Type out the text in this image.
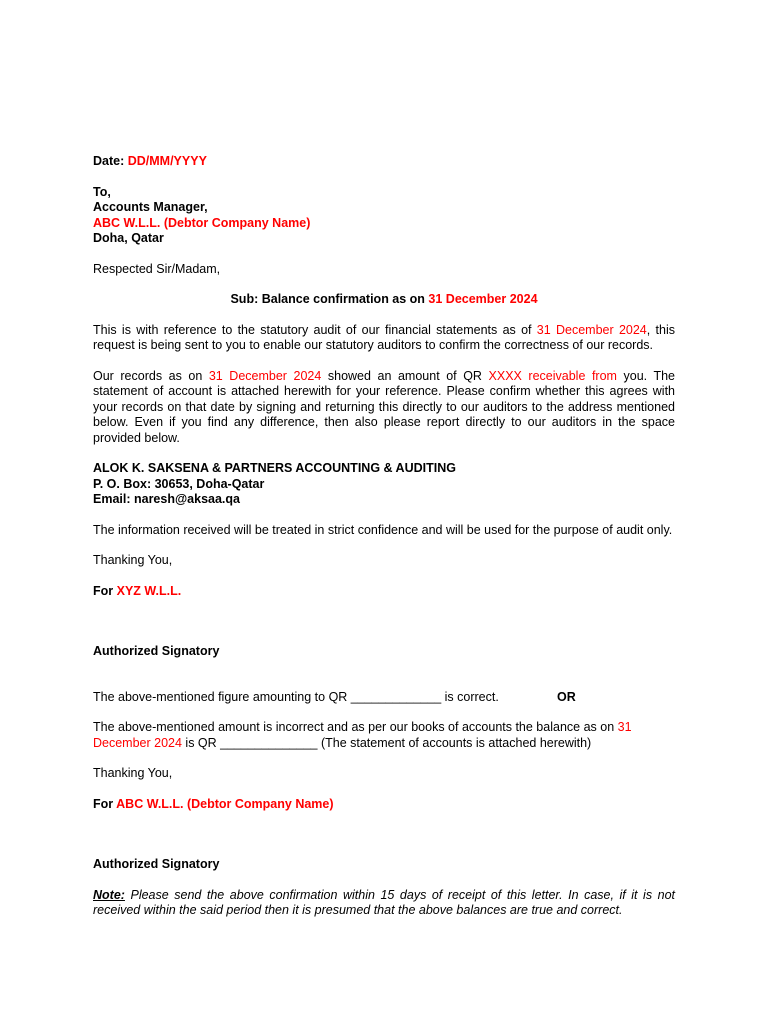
Date: DD/MM/YYYY
To,
Accounts Manager,
ABC W.L.L. (Debtor Company Name)
Doha, Qatar
Respected Sir/Madam,
Sub: Balance confirmation as on 31 December 2024
This is with reference to the statutory audit of our financial statements as of 31 December 2024, this request is being sent to you to enable our statutory auditors to confirm the correctness of our records.
Our records as on 31 December 2024 showed an amount of QR XXXX receivable from you. The statement of account is attached herewith for your reference. Please confirm whether this agrees with your records on that date by signing and returning this directly to our auditors to the address mentioned below. Even if you find any difference, then also please report directly to our auditors in the space provided below.
ALOK K. SAKSENA & PARTNERS ACCOUNTING & AUDITING
P. O. Box: 30653, Doha-Qatar
Email: naresh@aksaa.qa
The information received will be treated in strict confidence and will be used for the purpose of audit only.
Thanking You,
For XYZ W.L.L.
Authorized Signatory
The above-mentioned figure amounting to QR _____________ is correct.	OR
The above-mentioned amount is incorrect and as per our books of accounts the balance as on 31 December 2024 is QR ______________ (The statement of accounts is attached herewith)
Thanking You,
For ABC W.L.L. (Debtor Company Name)
Authorized Signatory
Note: Please send the above confirmation within 15 days of receipt of this letter. In case, if it is not received within the said period then it is presumed that the above balances are true and correct.
